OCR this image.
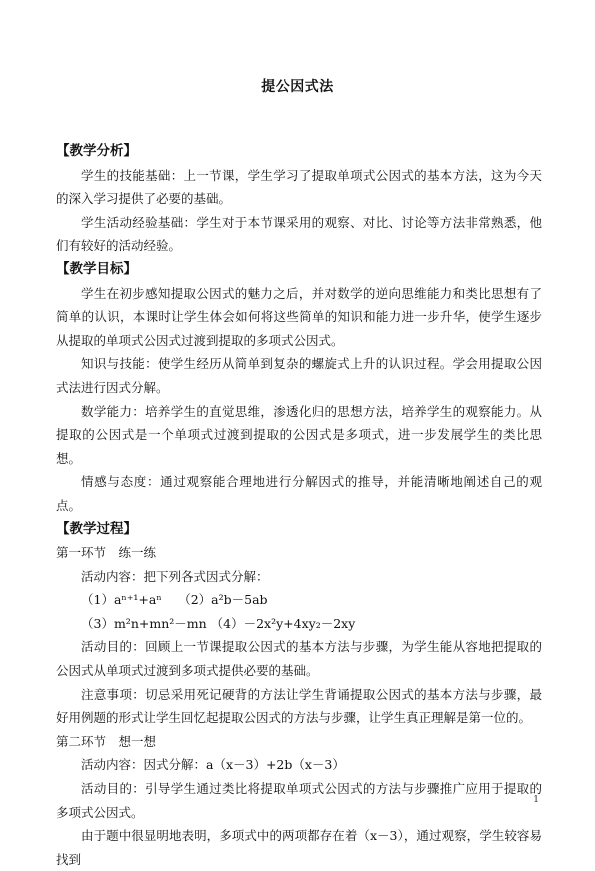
提公因式法

【教学分析】

学生的技能基础：上一节课，学生学习了提取单项式公因式的基本方法，这为今天的深入学习提供了必要的基础。

学生活动经验基础：学生对于本节课采用的观察、对比、讨论等方法非常熟悉，他们有较好的活动经验。

【教学目标】

学生在初步感知提取公因式的魅力之后，并对数学的逆向思维能力和类比思想有了简单的认识，本课时让学生体会如何将这些简单的知识和能力进一步升华，使学生逐步从提取的单项式公因式过渡到提取的多项式公因式。

知识与技能：使学生经历从简单到复杂的螺旋式上升的认识过程。学会用提取公因式法进行因式分解。

数学能力：培养学生的直觉思维，渗透化归的思想方法，培养学生的观察能力。从提取的公因式是一个单项式过渡到提取的公因式是多项式，进一步发展学生的类比思想。

情感与态度：通过观察能合理地进行分解因式的推导，并能清晰地阐述自己的观点。

【教学过程】

第一环节　练一练

活动内容：把下列各式因式分解：

（1）aⁿ⁺¹+aⁿ　 （2）a²b－5ab

（3）m²n+mn²－mn （4）－2x²y+4xy₂－2xy

活动目的：回顾上一节课提取公因式的基本方法与步骤，为学生能从容地把提取的公因式从单项式过渡到多项式提供必要的基础。

注意事项：切忌采用死记硬背的方法让学生背诵提取公因式的基本方法与步骤，最好用例题的形式让学生回忆起提取公因式的方法与步骤，让学生真正理解是第一位的。

第二环节　想一想

活动内容：因式分解：a（x－3）+2b（x－3）

活动目的：引导学生通过类比将提取单项式公因式的方法与步骤推广应用于提取的多项式公因式。

由于题中很显明地表明，多项式中的两项都存在着（x－3），通过观察，学生较容易找到

1
